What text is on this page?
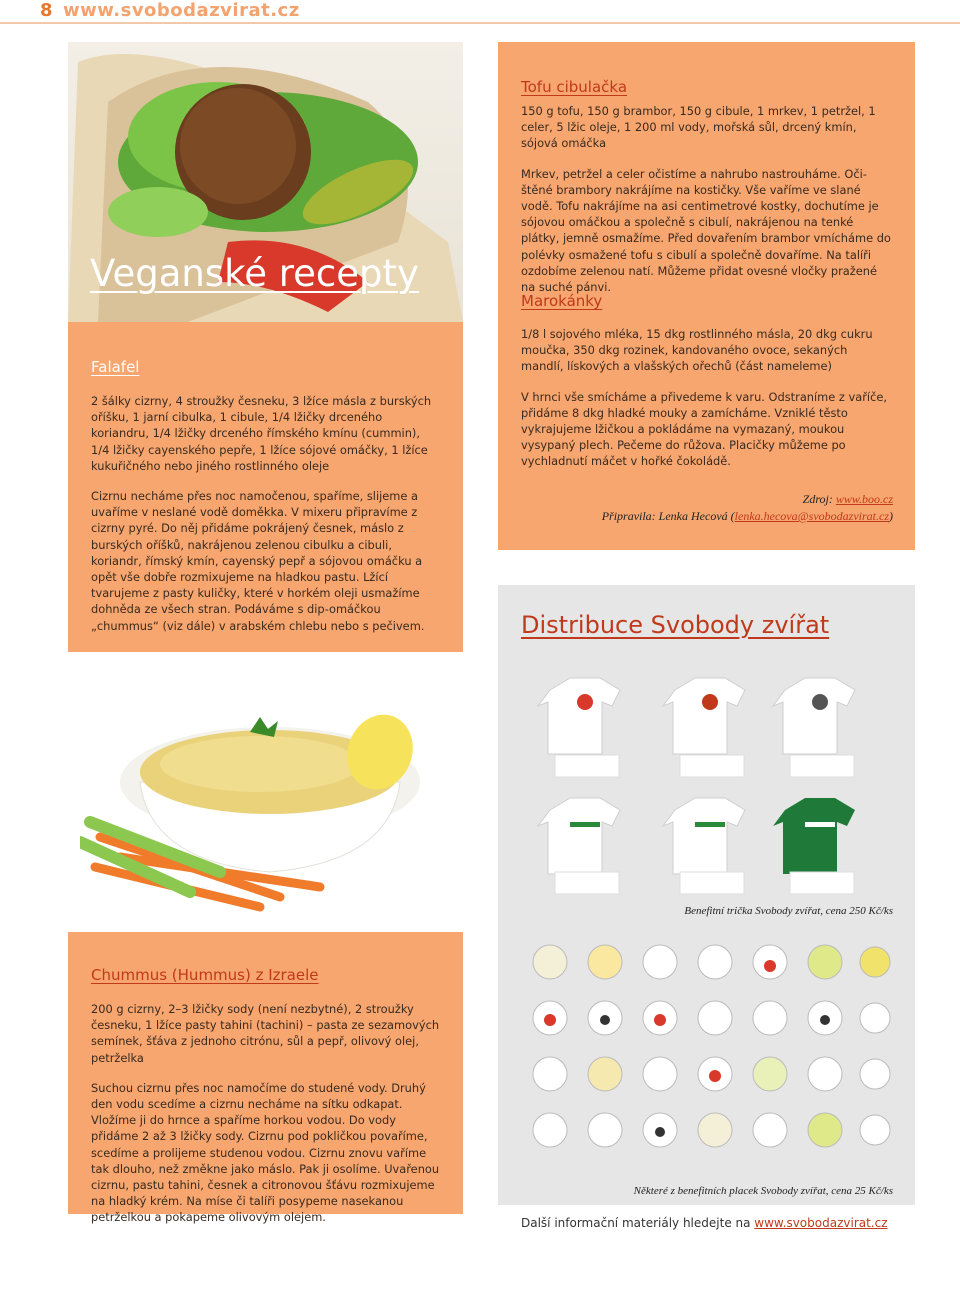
8 www.svobodazvirat.cz
Veganské recepty
Falafel

2 šálky cizrny, 4 stroužky česneku, 3 lžíce másla z burských oříšku, 1 jarní cibulka, 1 cibule, 1/4 lžičky drceného koriandru, 1/4 lžičky drceného římského kmínu (cummin), 1/4 lžičky cayenského pepře, 1 lžíce sójové omáčky, 1 lžíce kukuřičného nebo jiného rostlinného oleje

Cizrnu necháme přes noc namočenou, spaříme, slijeme a uvaříme v neslané vodě doměkka. V mixeru připravíme z cizrny pyré. Do něj přidáme pokrájený česnek, máslo z burských oříšků, nakrájenou zelenou cibulku a cibuli, koriandr, římský kmín, cayenský pepř a sójovou omáčku a opět vše dobře rozmixujeme na hladkou pastu. Lžící tvarujeme z pasty kuličky, které v horkém oleji usmažíme dohněda ze všech stran. Podáváme s dip-omáčkou „chummus“ (viz dále) v arabském chlebu nebo s pečivem.

Tofu cibulačka

150 g tofu, 150 g brambor, 150 g cibule, 1 mrkev, 1 petržel, 1 celer, 5 lžic oleje, 1 200 ml vody, mořská sůl, drcený kmín, sójová omáčka

Mrkev, petržel a celer očistíme a nahrubo nastrouháme. Očištěné brambory nakrájíme na kostičky. Vše vaříme ve slané vodě. Tofu nakrájíme na asi centimetrové kostky, dochutíme je sójovou omáčkou a společně s cibulí, nakrájenou na tenké plátky, jemně osmažíme. Před dovařením brambor vmícháme do polévky osmažené tofu s cibulí a společně dovaříme. Na talíři ozdobíme zelenou natí. Můžeme přidat ovesné vločky pražené na suché pánvi.

Marokánky

1/8 l sojového mléka, 15 dkg rostlinného másla, 20 dkg cukru moučka, 350 dkg rozinek, kandovaného ovoce, sekaných mandlí, lískových a vlašských ořechů (část nameleme)

V hrnci vše smícháme a přivedeme k varu. Odstraníme z vaříče, přidáme 8 dkg hladké mouky a zamícháme. Vzniklé těsto vykrajujeme lžičkou a pokládáme na vymazaný, moukou vysypaný plech. Pečeme do růžova. Placičky můžeme po vychladnutí máčet v hořké čokoládě.

Zdroj: www.boo.cz
Připravila: Lenka Hecová (lenka.hecova@svobodazvirat.cz)
Chummus (Hummus) z Izraele

200 g cizrny, 2–3 lžičky sody (není nezbytné), 2 stroužky česneku, 1 lžíce pasty tahini (tachini) – pasta ze sezamových semínek, šťáva z jednoho citrónu, sůl a pepř, olivový olej, petrželka

Suchou cizrnu přes noc namočíme do studené vody. Druhý den vodu scedíme a cizrnu necháme na sítku odkapat. Vložíme ji do hrnce a spaříme horkou vodou. Do vody přidáme 2 až 3 lžičky sody. Cizrnu pod pokličkou povaříme, scedíme a prolijeme studenou vodou. Cizrnu znovu vaříme tak dlouho, než změkne jako máslo. Pak ji osolíme. Uvařenou cizrnu, pastu tahini, česnek a citronovou šťávu rozmixujeme na hladký krém. Na míse či talíři posypeme nasekanou petrželkou a pokapeme olivovým olejem.

Distribuce Svobody zvířat
Benefitní trička Svobody zvířat, cena 250 Kč/ks
Některé z benefitních placek Svobody zvířat, cena 25 Kč/ks
Další informační materiály hledejte na www.svobodazvirat.cz
